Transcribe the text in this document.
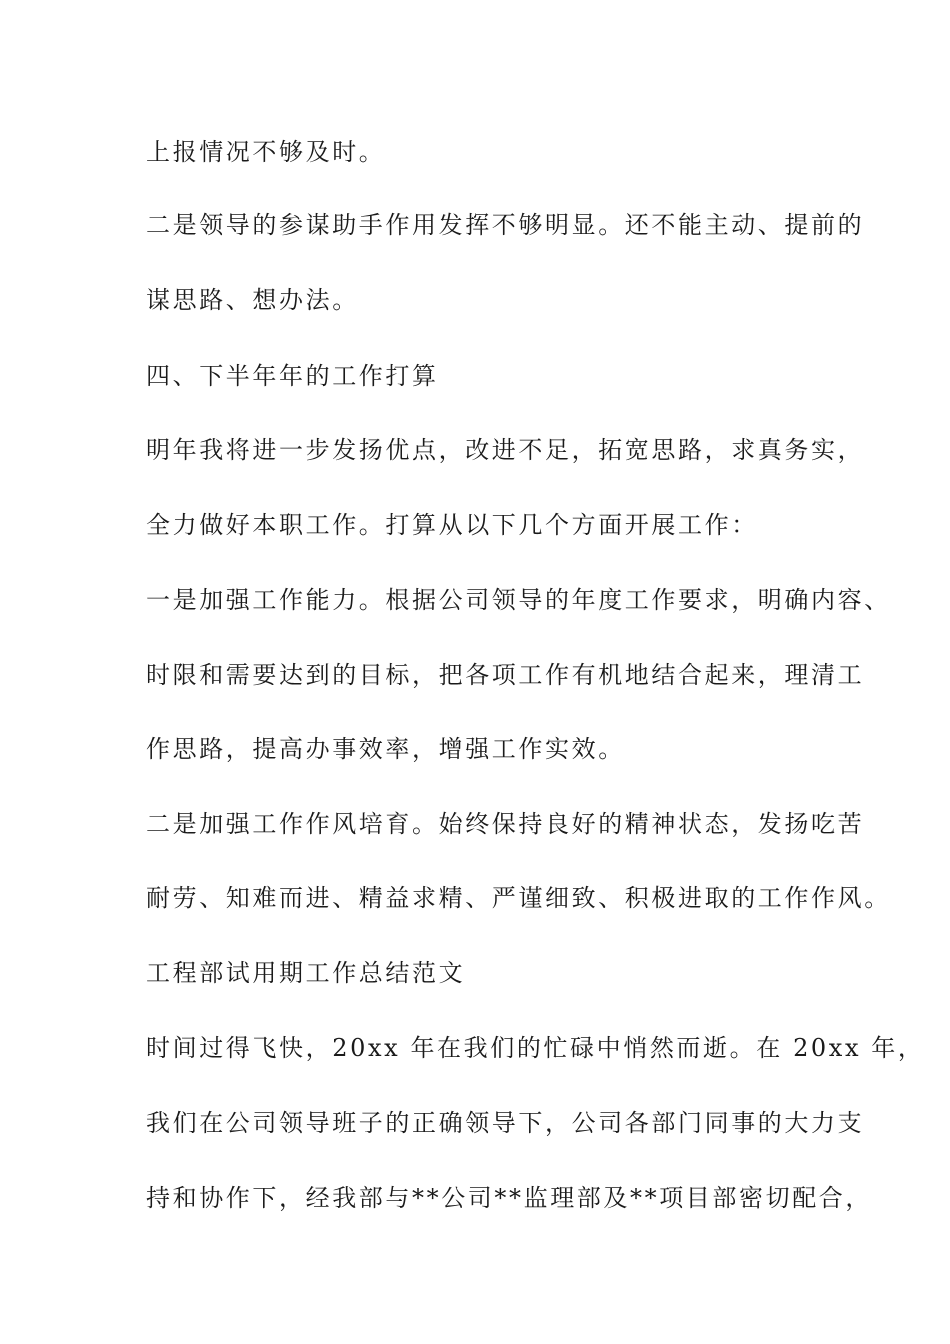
上报情况不够及时。
二是领导的参谋助手作用发挥不够明显。还不能主动、提前的
谋思路、想办法。
四、下半年年的工作打算
明年我将进一步发扬优点，改进不足，拓宽思路，求真务实，
全力做好本职工作。打算从以下几个方面开展工作：
一是加强工作能力。根据公司领导的年度工作要求，明确内容、
时限和需要达到的目标，把各项工作有机地结合起来，理清工
作思路，提高办事效率，增强工作实效。
二是加强工作作风培育。始终保持良好的精神状态，发扬吃苦
耐劳、知难而进、精益求精、严谨细致、积极进取的工作作风。
工程部试用期工作总结范文
时间过得飞快，20xx 年在我们的忙碌中悄然而逝。在 20xx 年，
我们在公司领导班子的正确领导下，公司各部门同事的大力支
持和协作下，经我部与**公司**监理部及**项目部密切配合，
